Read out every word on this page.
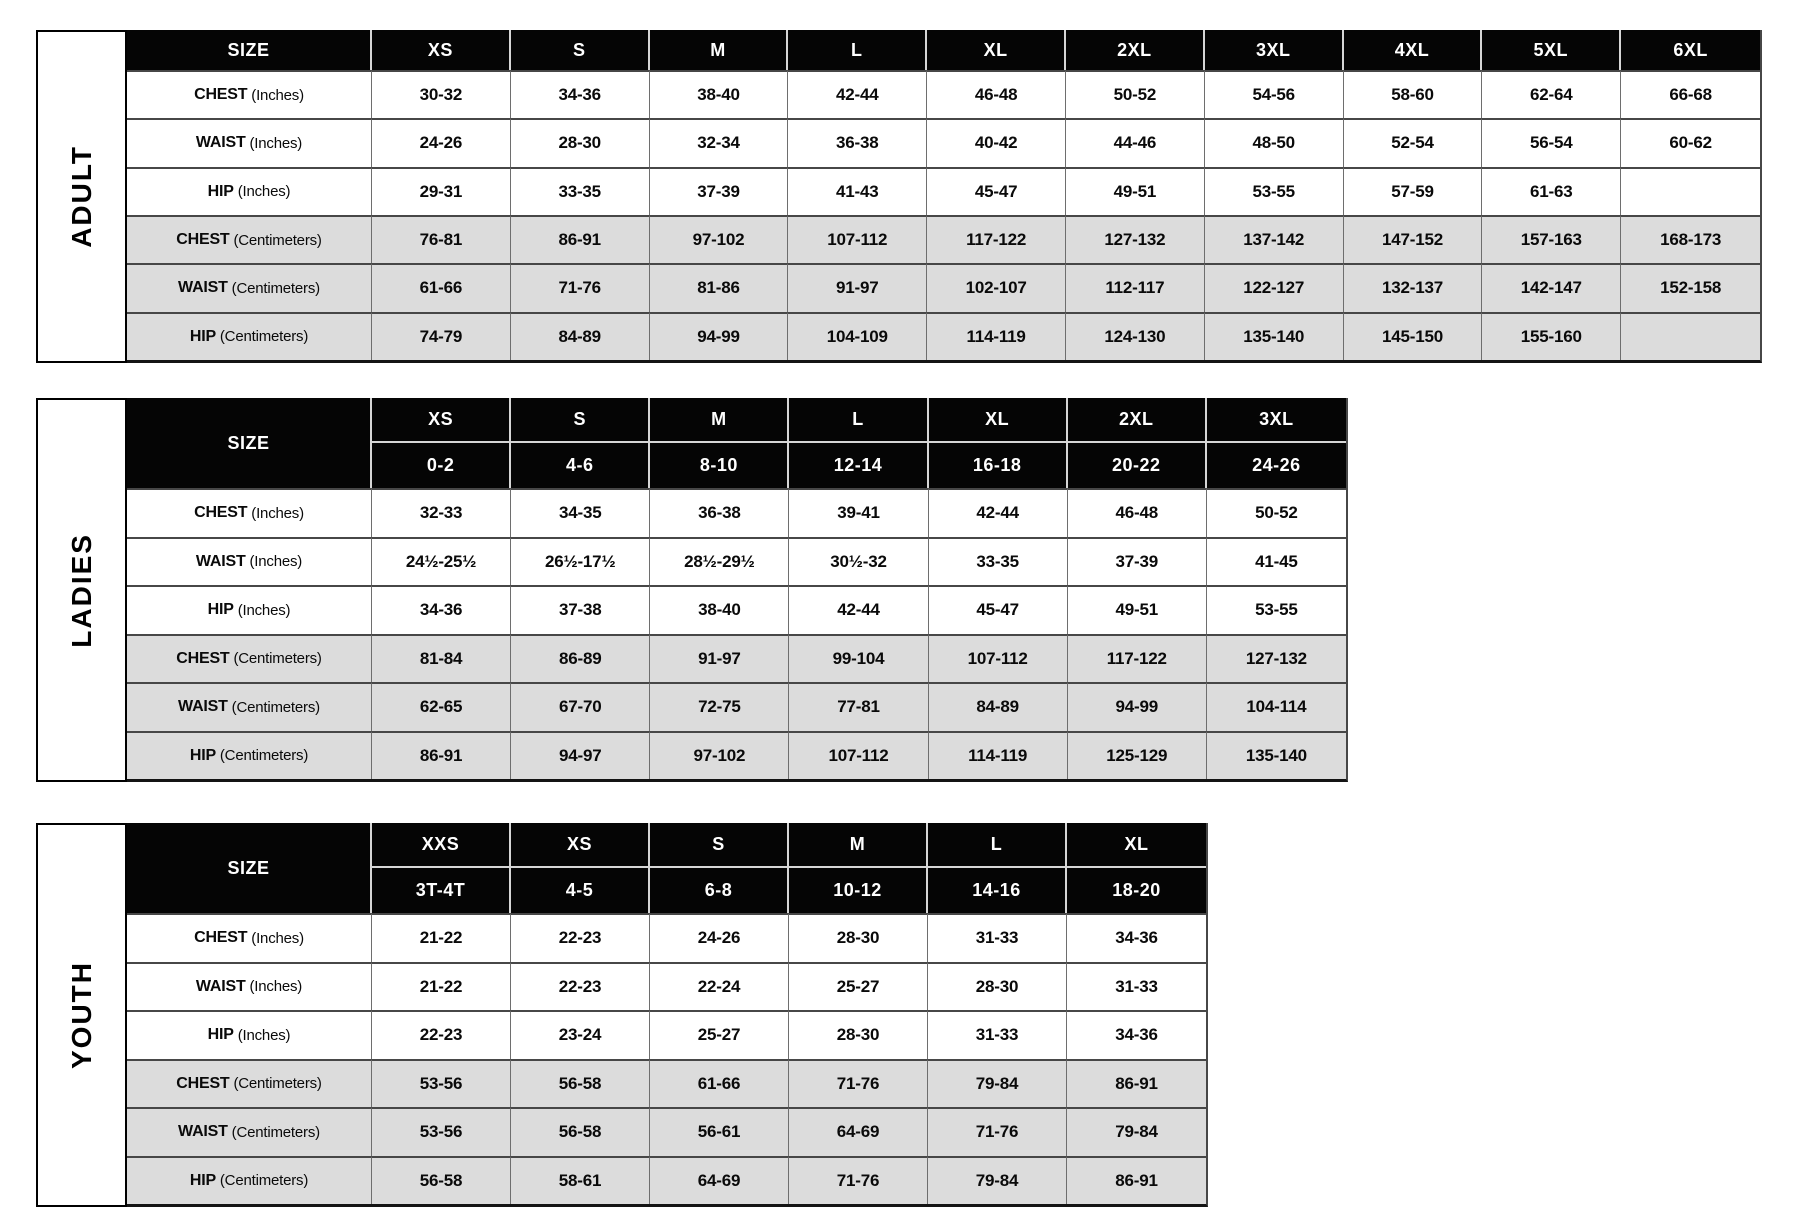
ADULT
SIZE	XS	S	M	L	XL	2XL	3XL	4XL	5XL	6XL
CHEST (Inches)	30-32	34-36	38-40	42-44	46-48	50-52	54-56	58-60	62-64	66-68
WAIST (Inches)	24-26	28-30	32-34	36-38	40-42	44-46	48-50	52-54	56-54	60-62
HIP (Inches)	29-31	33-35	37-39	41-43	45-47	49-51	53-55	57-59	61-63
CHEST (Centimeters)	76-81	86-91	97-102	107-112	117-122	127-132	137-142	147-152	157-163	168-173
WAIST (Centimeters)	61-66	71-76	81-86	91-97	102-107	112-117	122-127	132-137	142-147	152-158
HIP (Centimeters)	74-79	84-89	94-99	104-109	114-119	124-130	135-140	145-150	155-160
LADIES
SIZE
XS	S	M	L	XL	2XL	3XL
0-2	4-6	8-10	12-14	16-18	20-22	24-26
CHEST (Inches)	32-33	34-35	36-38	39-41	42-44	46-48	50-52
WAIST (Inches)	24½-25½	26½-17½	28½-29½	30½-32	33-35	37-39	41-45
HIP (Inches)	34-36	37-38	38-40	42-44	45-47	49-51	53-55
CHEST (Centimeters)	81-84	86-89	91-97	99-104	107-112	117-122	127-132
WAIST (Centimeters)	62-65	67-70	72-75	77-81	84-89	94-99	104-114
HIP (Centimeters)	86-91	94-97	97-102	107-112	114-119	125-129	135-140
YOUTH
SIZE
XXS	XS	S	M	L	XL
3T-4T	4-5	6-8	10-12	14-16	18-20
CHEST (Inches)	21-22	22-23	24-26	28-30	31-33	34-36
WAIST (Inches)	21-22	22-23	22-24	25-27	28-30	31-33
HIP (Inches)	22-23	23-24	25-27	28-30	31-33	34-36
CHEST (Centimeters)	53-56	56-58	61-66	71-76	79-84	86-91
WAIST (Centimeters)	53-56	56-58	56-61	64-69	71-76	79-84
HIP (Centimeters)	56-58	58-61	64-69	71-76	79-84	86-91
